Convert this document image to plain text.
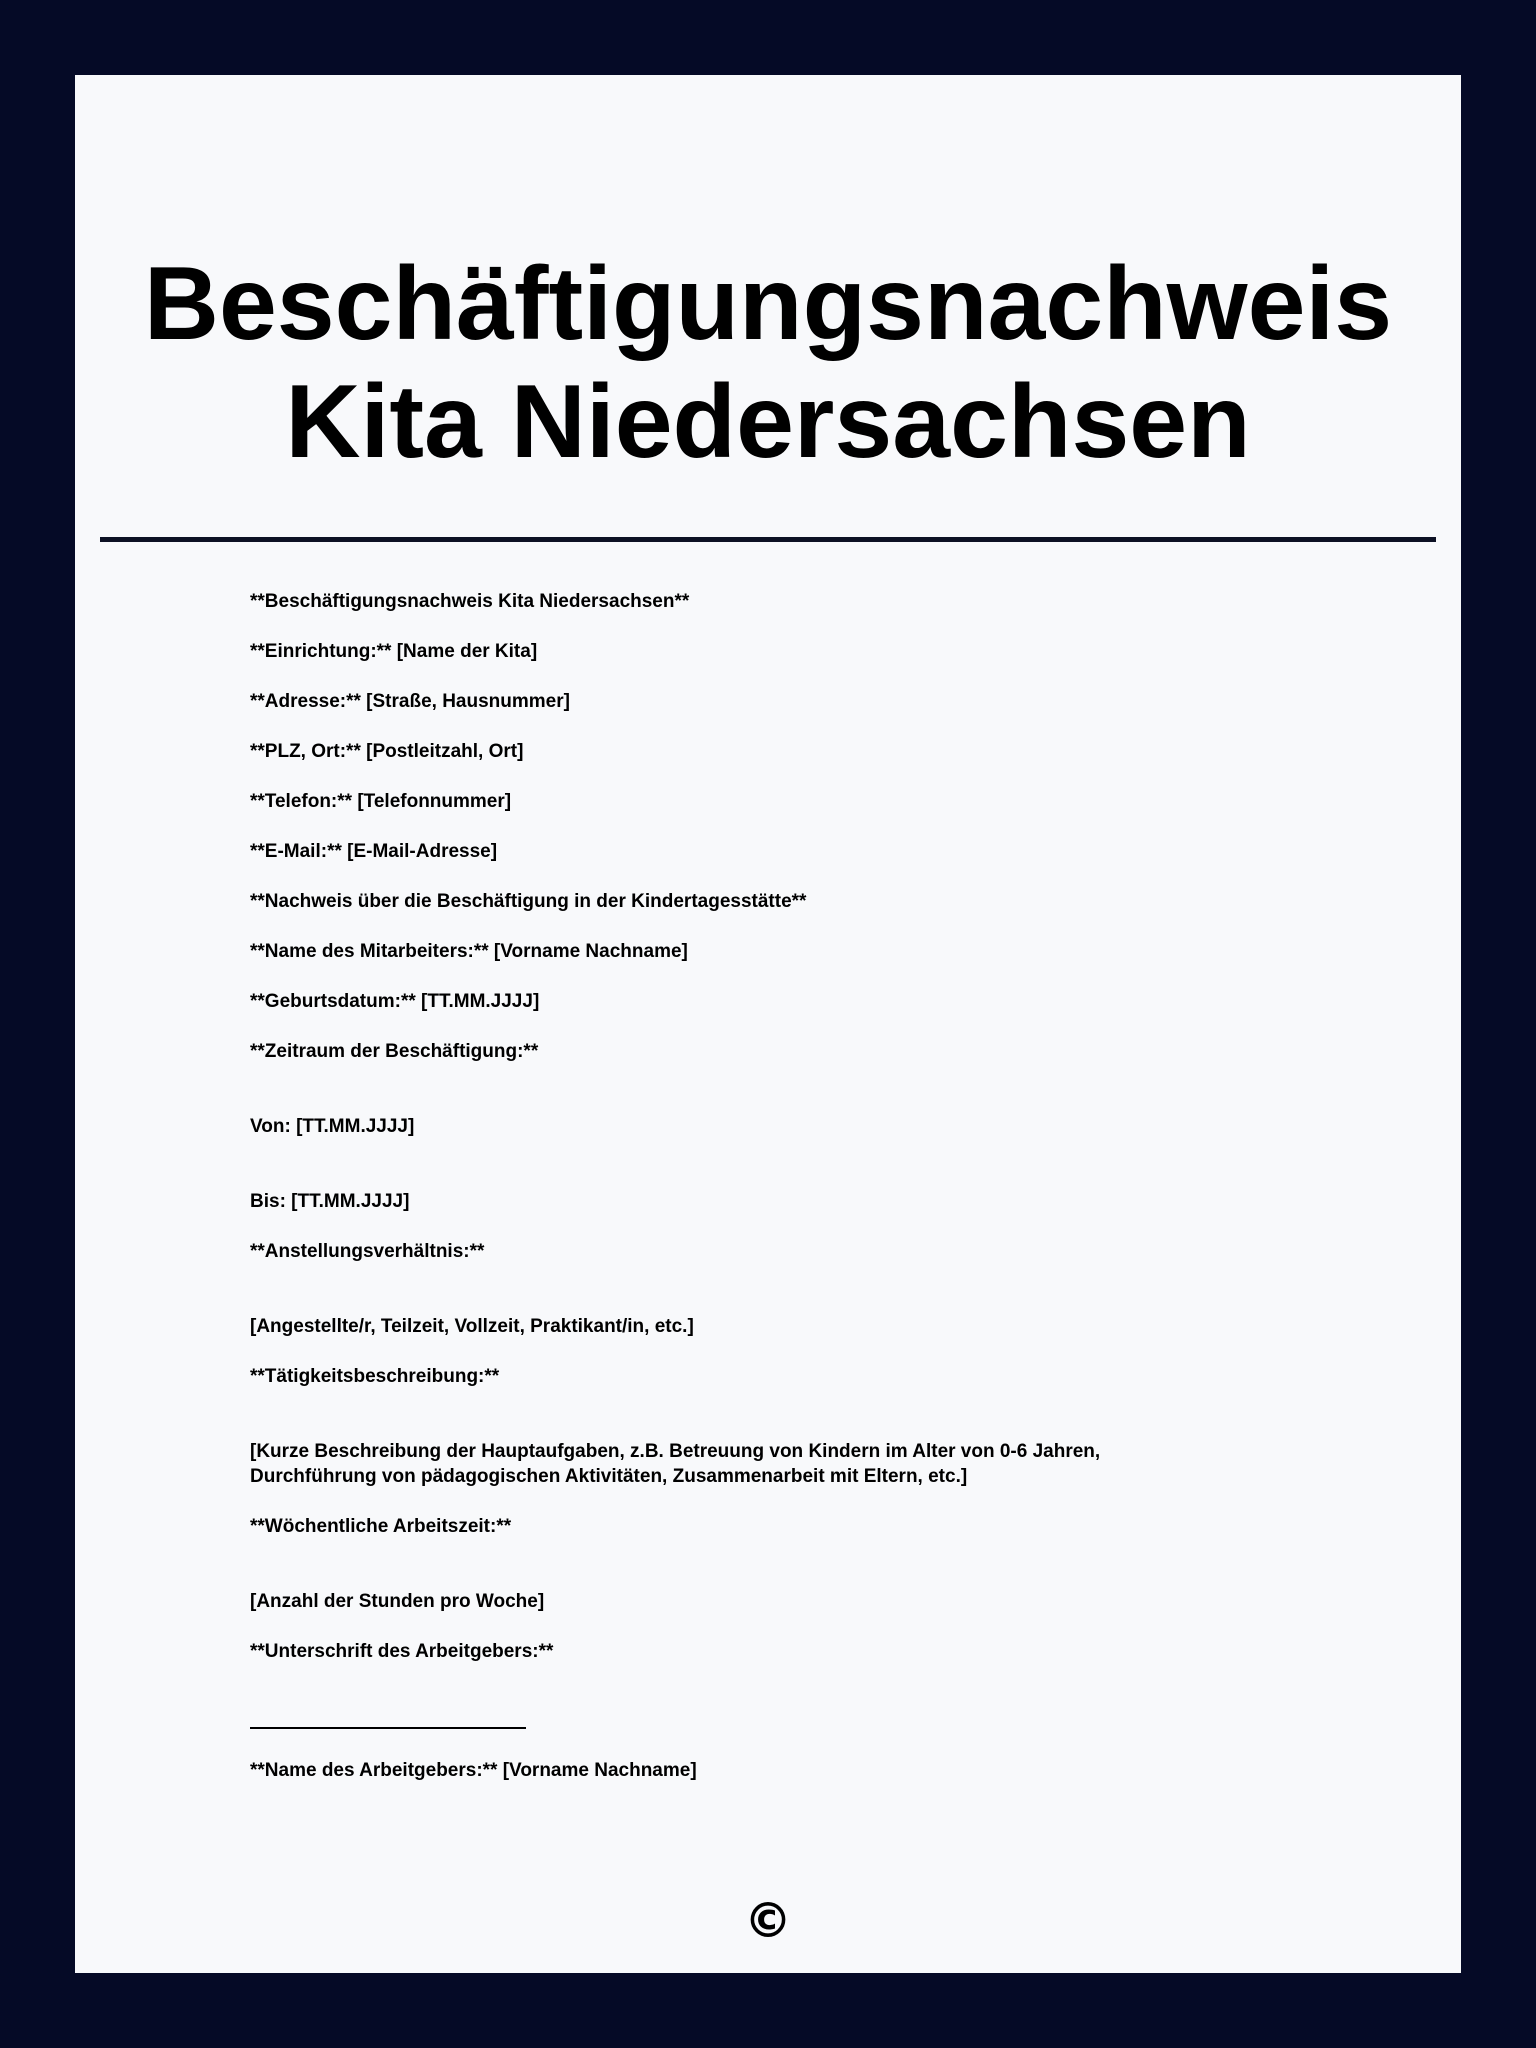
Beschäftigungsnachweis
Kita Niedersachsen

**Beschäftigungsnachweis Kita Niedersachsen**

**Einrichtung:** [Name der Kita]

**Adresse:** [Straße, Hausnummer]

**PLZ, Ort:** [Postleitzahl, Ort]

**Telefon:** [Telefonnummer]

**E-Mail:** [E-Mail-Adresse]

**Nachweis über die Beschäftigung in der Kindertagesstätte**

**Name des Mitarbeiters:** [Vorname Nachname]

**Geburtsdatum:** [TT.MM.JJJJ]

**Zeitraum der Beschäftigung:**

Von: [TT.MM.JJJJ]

Bis: [TT.MM.JJJJ]

**Anstellungsverhältnis:**

[Angestellte/r, Teilzeit, Vollzeit, Praktikant/in, etc.]

**Tätigkeitsbeschreibung:**

[Kurze Beschreibung der Hauptaufgaben, z.B. Betreuung von Kindern im Alter von 0-6 Jahren,
Durchführung von pädagogischen Aktivitäten, Zusammenarbeit mit Eltern, etc.]

**Wöchentliche Arbeitszeit:**

[Anzahl der Stunden pro Woche]

**Unterschrift des Arbeitgebers:**

**Name des Arbeitgebers:** [Vorname Nachname]

©
